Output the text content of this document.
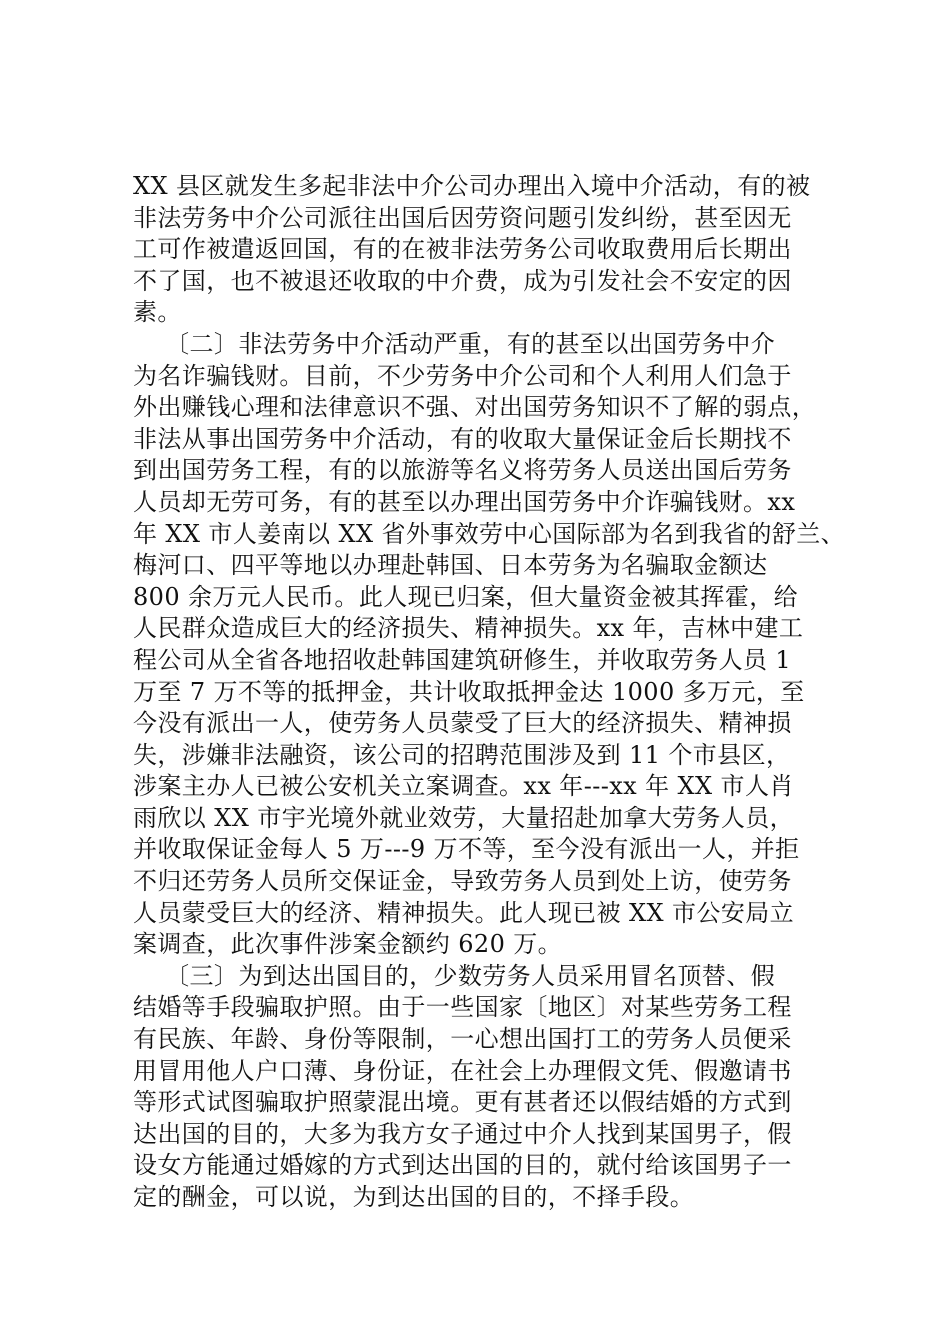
XX 县区就发生多起非法中介公司办理出入境中介活动，有的被
非法劳务中介公司派往出国后因劳资问题引发纠纷，甚至因无
工可作被遣返回国，有的在被非法劳务公司收取费用后长期出
不了国，也不被退还收取的中介费，成为引发社会不安定的因
素。
〔二〕非法劳务中介活动严重，有的甚至以出国劳务中介
为名诈骗钱财。目前，不少劳务中介公司和个人利用人们急于
外出赚钱心理和法律意识不强、对出国劳务知识不了解的弱点，
非法从事出国劳务中介活动，有的收取大量保证金后长期找不
到出国劳务工程，有的以旅游等名义将劳务人员送出国后劳务
人员却无劳可务，有的甚至以办理出国劳务中介诈骗钱财。xx
年 XX 市人姜南以 XX 省外事效劳中心国际部为名到我省的舒兰、
梅河口、四平等地以办理赴韩国、日本劳务为名骗取金额达
800 余万元人民币。此人现已归案，但大量资金被其挥霍，给
人民群众造成巨大的经济损失、精神损失。xx 年，吉林中建工
程公司从全省各地招收赴韩国建筑研修生，并收取劳务人员 1
万至 7 万不等的抵押金，共计收取抵押金达 1000 多万元，至
今没有派出一人，使劳务人员蒙受了巨大的经济损失、精神损
失，涉嫌非法融资，该公司的招聘范围涉及到 11 个市县区，
涉案主办人已被公安机关立案调查。xx 年---xx 年 XX 市人肖
雨欣以 XX 市宇光境外就业效劳，大量招赴加拿大劳务人员，
并收取保证金每人 5 万---9 万不等，至今没有派出一人，并拒
不归还劳务人员所交保证金，导致劳务人员到处上访，使劳务
人员蒙受巨大的经济、精神损失。此人现已被 XX 市公安局立
案调查，此次事件涉案金额约 620 万。
〔三〕为到达出国目的，少数劳务人员采用冒名顶替、假
结婚等手段骗取护照。由于一些国家〔地区〕对某些劳务工程
有民族、年龄、身份等限制，一心想出国打工的劳务人员便采
用冒用他人户口薄、身份证，在社会上办理假文凭、假邀请书
等形式试图骗取护照蒙混出境。更有甚者还以假结婚的方式到
达出国的目的，大多为我方女子通过中介人找到某国男子，假
设女方能通过婚嫁的方式到达出国的目的，就付给该国男子一
定的酬金，可以说，为到达出国的目的，不择手段。
